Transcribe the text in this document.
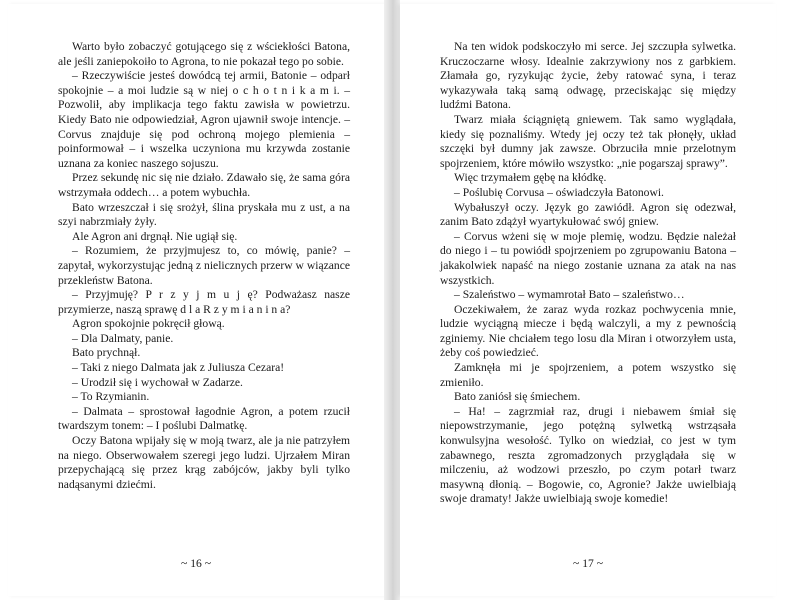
Warto było zobaczyć gotującego się z wściekłości Batona, ale jeśli zaniepokoiło to Agrona, to nie pokazał tego po sobie.

– Rzeczywiście jesteś dowódcą tej armii, Batonie – odparł spokojnie – a moi ludzie są w niej o c h o t n i k a m i. – Pozwolił, aby implikacja tego faktu zawisła w powietrzu. Kiedy Bato nie odpowiedział, Agron ujawnił swoje intencje. – Corvus znajduje się pod ochroną mojego plemienia – poinformował – i wszelka uczyniona mu krzywda zostanie uznana za koniec naszego sojuszu.

Przez sekundę nic się nie działo. Zdawało się, że sama góra wstrzymała oddech… a potem wybuchła.

Bato wrzeszczał i się srożył, ślina pryskała mu z ust, a na szyi nabrzmiały żyły.

Ale Agron ani drgnął. Nie ugiął się.

– Rozumiem, że przyjmujesz to, co mówię, panie? – zapytał, wykorzystując jedną z nielicznych przerw w wiązance przekleństw Batona.

– Przyjmuję? P r z y j m u j ę? Podważasz nasze przymierze, naszą sprawę d l a R z y m i a n i n a?

Agron spokojnie pokręcił głową.

– Dla Dalmaty, panie.

Bato prychnął.

– Taki z niego Dalmata jak z Juliusza Cezara!

– Urodził się i wychował w Zadarze.

– To Rzymianin.

– Dalmata – sprostował łagodnie Agron, a potem rzucił twardszym tonem: – I poślubi Dalmatkę.

Oczy Batona wpijały się w moją twarz, ale ja nie patrzyłem na niego. Obserwowałem szeregi jego ludzi. Ujrzałem Miran przepychającą się przez krąg zabójców, jakby byli tylko nadąsanymi dziećmi.

~ 16 ~

Na ten widok podskoczyło mi serce. Jej szczupła sylwetka. Kruczoczarne włosy. Idealnie zakrzywiony nos z garbkiem. Złamała go, ryzykując życie, żeby ratować syna, i teraz wykazywała taką samą odwagę, przeciskając się między ludźmi Batona.

Twarz miała ściągniętą gniewem. Tak samo wyglądała, kiedy się poznaliśmy. Wtedy jej oczy też tak płonęły, układ szczęki był dumny jak zawsze. Obrzuciła mnie przelotnym spojrzeniem, które mówiło wszystko: „nie pogarszaj sprawy”.

Więc trzymałem gębę na kłódkę.

– Poślubię Corvusa – oświadczyła Batonowi.

Wybałuszył oczy. Język go zawiódł. Agron się odezwał, zanim Bato zdążył wyartykułować swój gniew.

– Corvus wżeni się w moje plemię, wodzu. Będzie należał do niego i – tu powiódł spojrzeniem po zgrupowaniu Batona – jakakolwiek napaść na niego zostanie uznana za atak na nas wszystkich.

– Szaleństwo – wymamrotał Bato – szaleństwo…

Oczekiwałem, że zaraz wyda rozkaz pochwycenia mnie, ludzie wyciągną miecze i będą walczyli, a my z pewnością zginiemy. Nie chciałem tego losu dla Miran i otworzyłem usta, żeby coś powiedzieć.

Zamknęła mi je spojrzeniem, a potem wszystko się zmieniło.

Bato zaniósł się śmiechem.

– Ha! – zagrzmiał raz, drugi i niebawem śmiał się niepowstrzymanie, jego potężną sylwetką wstrząsała konwulsyjna wesołość. Tylko on wiedział, co jest w tym zabawnego, reszta zgromadzonych przyglądała się w milczeniu, aż wodzowi przeszło, po czym potarł twarz masywną dłonią. – Bogowie, co, Agronie? Jakże uwielbiają swoje dramaty! Jakże uwielbiają swoje komedie!

~ 17 ~
